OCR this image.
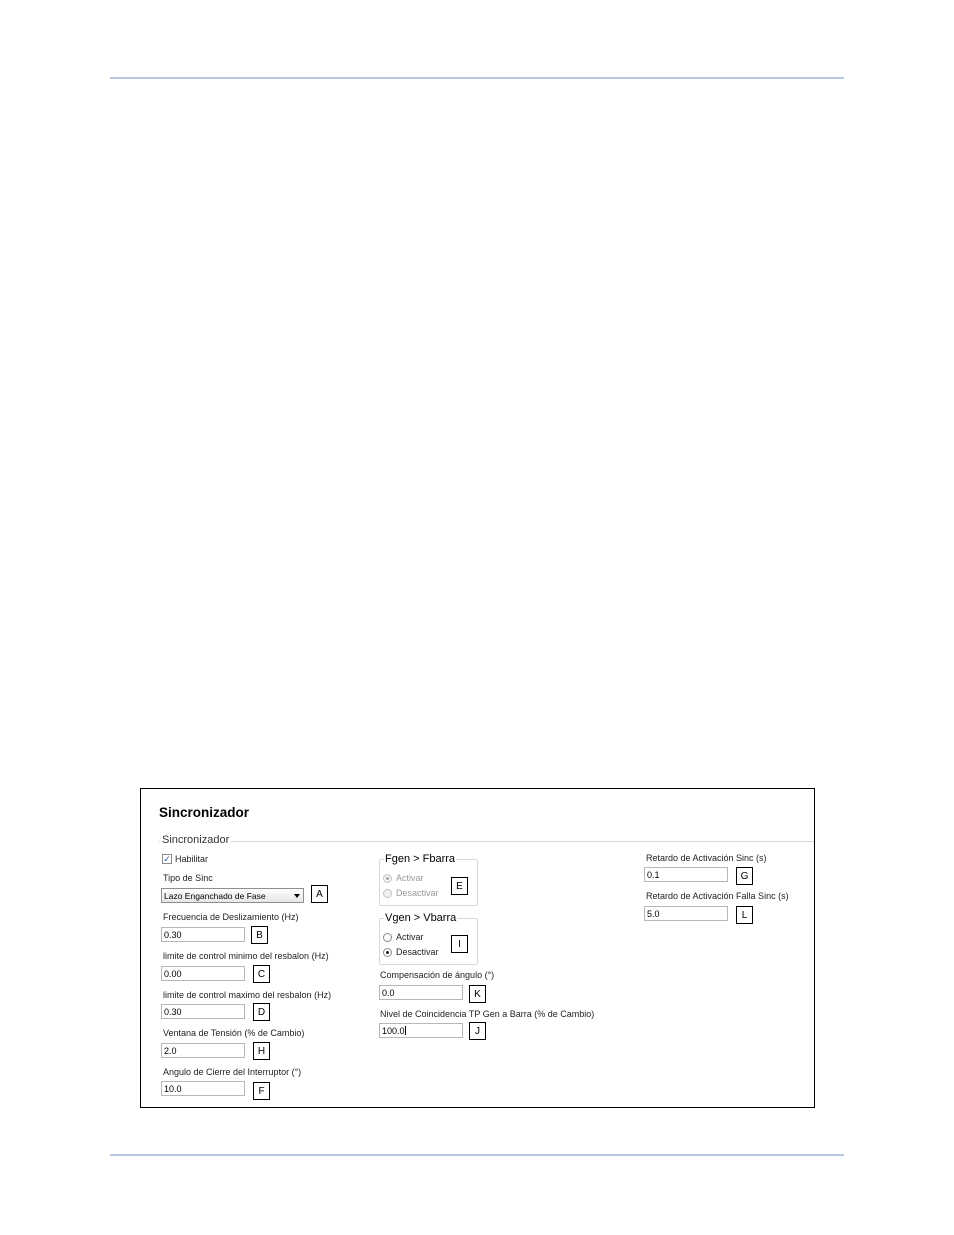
Sincronizador
Sincronizador
✓ Habilitar
Tipo de Sinc
Lazo Enganchado de Fase	A
Frecuencia de Deslizamiento (Hz)
0.30	B
limite de control minimo del resbalon (Hz)
0.00	C
limite de control maximo del resbalon (Hz)
0.30	D
Ventana de Tensión (% de Cambio)
2.0	H
Angulo de Cierre del Interruptor (°)
10.0	F
Fgen > Fbarra
Activar
Desactivar
E
Vgen > Vbarra
Activar
Desactivar
I
Compensación de ángulo (°)
0.0	K
Nivel de Coincidencia TP Gen a Barra (% de Cambio)
100.0	J
Retardo de Activación Sinc (s)
0.1	G
Retardo de Activación Falla Sinc (s)
5.0	L
